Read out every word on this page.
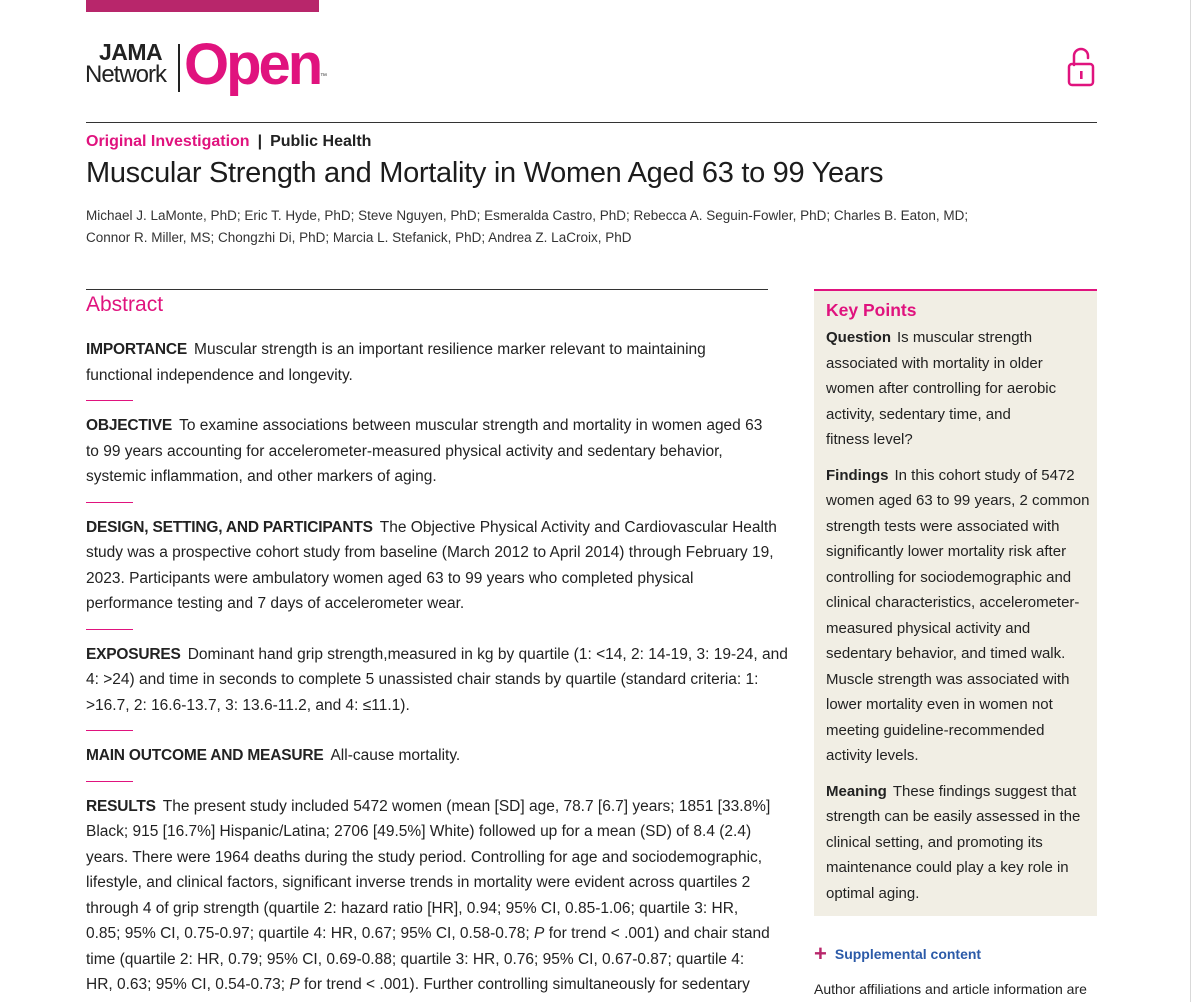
JAMA
Network Open ™
Original Investigation | Public Health
Muscular Strength and Mortality in Women Aged 63 to 99 Years
Michael J. LaMonte, PhD; Eric T. Hyde, PhD; Steve Nguyen, PhD; Esmeralda Castro, PhD; Rebecca A. Seguin-Fowler, PhD; Charles B. Eaton, MD;
Connor R. Miller, MS; Chongzhi Di, PhD; Marcia L. Stefanick, PhD; Andrea Z. LaCroix, PhD
Abstract

IMPORTANCE Muscular strength is an important resilience marker relevant to maintaining

functional independence and longevity.

OBJECTIVE To examine associations between muscular strength and mortality in women aged 63

to 99 years accounting for accelerometer-measured physical activity and sedentary behavior,

systemic inflammation, and other markers of aging.

DESIGN, SETTING, AND PARTICIPANTS The Objective Physical Activity and Cardiovascular Health

study was a prospective cohort study from baseline (March 2012 to April 2014) through February 19,

2023. Participants were ambulatory women aged 63 to 99 years who completed physical

performance testing and 7 days of accelerometer wear.

EXPOSURES Dominant hand grip strength,measured in kg by quartile (1: <14, 2: 14-19, 3: 19-24, and

4: >24) and time in seconds to complete 5 unassisted chair stands by quartile (standard criteria: 1:

>16.7, 2: 16.6-13.7, 3: 13.6-11.2, and 4: ≤11.1).

MAIN OUTCOME AND MEASURE All-cause mortality.

RESULTS The present study included 5472 women (mean [SD] age, 78.7 [6.7] years; 1851 [33.8%]

Black; 915 [16.7%] Hispanic/Latina; 2706 [49.5%] White) followed up for a mean (SD) of 8.4 (2.4)

years. There were 1964 deaths during the study period. Controlling for age and sociodemographic,

lifestyle, and clinical factors, significant inverse trends in mortality were evident across quartiles 2

through 4 of grip strength (quartile 2: hazard ratio [HR], 0.94; 95% CI, 0.85-1.06; quartile 3: HR,

0.85; 95% CI, 0.75-0.97; quartile 4: HR, 0.67; 95% CI, 0.58-0.78; P for trend < .001) and chair stand

time (quartile 2: HR, 0.79; 95% CI, 0.69-0.88; quartile 3: HR, 0.76; 95% CI, 0.67-0.87; quartile 4:

HR, 0.63; 95% CI, 0.54-0.73; P for trend < .001). Further controlling simultaneously for sedentary

Key Points

Question Is muscular strength

associated with mortality in older

women after controlling for aerobic

activity, sedentary time, and

fitness level?

Findings In this cohort study of 5472

women aged 63 to 99 years, 2 common

strength tests were associated with

significantly lower mortality risk after

controlling for sociodemographic and

clinical characteristics, accelerometer-

measured physical activity and

sedentary behavior, and timed walk.

Muscle strength was associated with

lower mortality even in women not

meeting guideline-recommended

activity levels.

Meaning These findings suggest that

strength can be easily assessed in the

clinical setting, and promoting its

maintenance could play a key role in

optimal aging.

+ Supplemental content
Author affiliations and article information are
